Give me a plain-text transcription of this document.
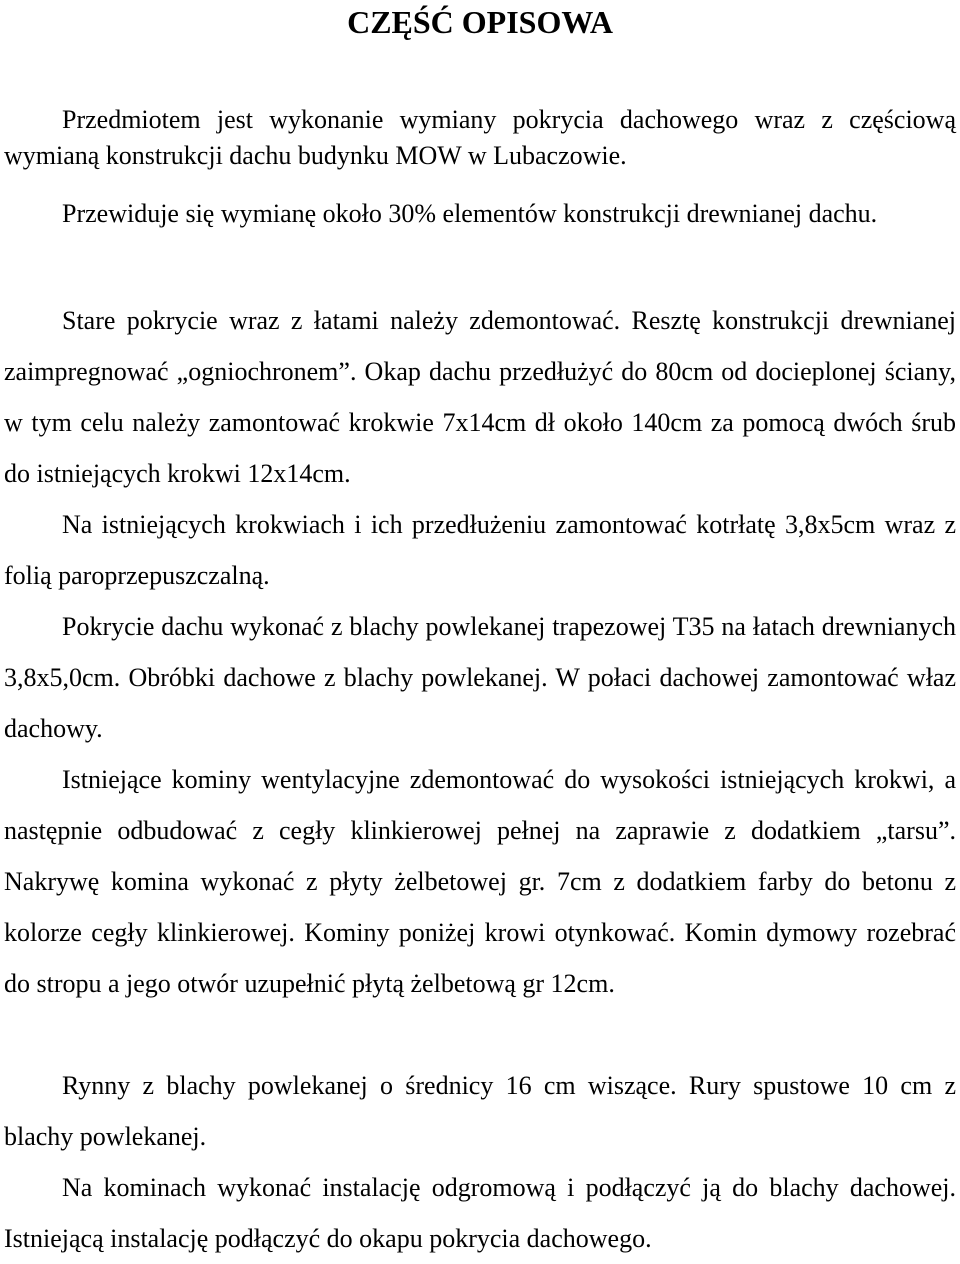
CZĘŚĆ OPISOWA

Przedmiotem jest wykonanie wymiany pokrycia dachowego wraz z częściową wymianą konstrukcji dachu budynku MOW w Lubaczowie.

Przewiduje się wymianę około 30% elementów konstrukcji drewnianej dachu.

Stare pokrycie wraz z łatami należy zdemontować. Resztę konstrukcji drewnianej zaimpregnować „ogniochronem”. Okap dachu przedłużyć do 80cm od docieplonej ściany, w tym celu należy zamontować krokwie 7x14cm dł około 140cm za pomocą dwóch śrub do istniejących krokwi 12x14cm.

Na istniejących krokwiach i ich przedłużeniu zamontować kotrłatę 3,8x5cm wraz z folią paroprzepuszczalną.

Pokrycie dachu wykonać z blachy powlekanej trapezowej T35 na łatach drewnianych 3,8x5,0cm. Obróbki dachowe z blachy powlekanej. W połaci dachowej zamontować właz dachowy.

Istniejące kominy wentylacyjne zdemontować do wysokości istniejących krokwi, a następnie odbudować z cegły klinkierowej pełnej na zaprawie z dodatkiem „tarsu”. Nakrywę komina wykonać z płyty żelbetowej gr. 7cm z dodatkiem farby do betonu z kolorze cegły klinkierowej. Kominy poniżej krowi otynkować. Komin dymowy rozebrać do stropu a jego otwór uzupełnić płytą żelbetową gr 12cm.

Rynny z blachy powlekanej o średnicy 16 cm wiszące. Rury spustowe 10 cm z blachy powlekanej.

Na kominach wykonać instalację odgromową i podłączyć ją do blachy dachowej. Istniejącą instalację podłączyć do okapu pokrycia dachowego.
